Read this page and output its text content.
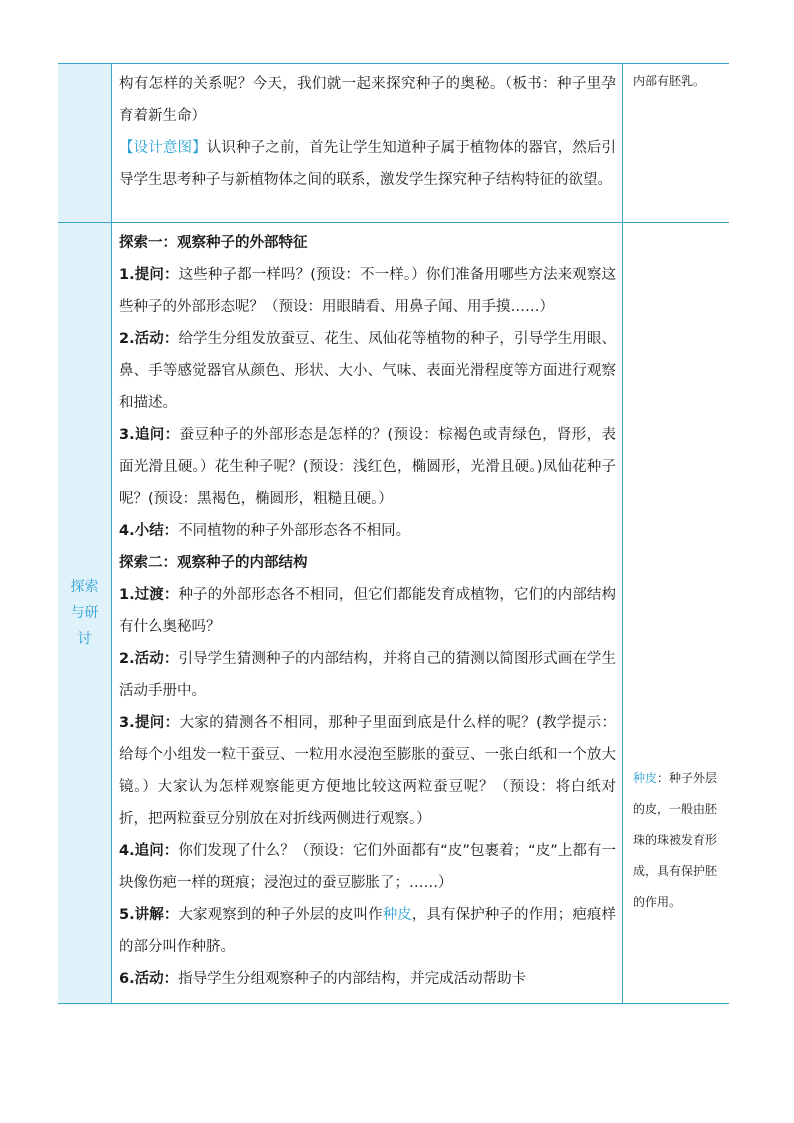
构有怎样的关系呢？今天，我们就一起来探究种子的奥秘。（板书：种子里孕育着新生命）

【设计意图】认识种子之前，首先让学生知道种子属于植物体的器官，然后引导学生思考种子与新植物体之间的联系，激发学生探究种子结构特征的欲望。

内部有胚乳。

探索
与研
讨

探索一：观察种子的外部特征

1.提问：这些种子都一样吗？(预设：不一样。）你们准备用哪些方法来观察这些种子的外部形态呢？（预设：用眼睛看、用鼻子闻、用手摸……）

2.活动：给学生分组发放蚕豆、花生、凤仙花等植物的种子，引导学生用眼、鼻、手等感觉器官从颜色、形状、大小、气味、表面光滑程度等方面进行观察和描述。

3.追问：蚕豆种子的外部形态是怎样的？(预设：棕褐色或青绿色，肾形，表面光滑且硬。）花生种子呢？(预设：浅红色，椭圆形，光滑且硬。)凤仙花种子呢？(预设：黑褐色，椭圆形，粗糙且硬。）

4.小结：不同植物的种子外部形态各不相同。

探索二：观察种子的内部结构

1.过渡：种子的外部形态各不相同，但它们都能发育成植物，它们的内部结构有什么奥秘吗？

2.活动：引导学生猜测种子的内部结构，并将自己的猜测以简图形式画在学生活动手册中。

3.提问：大家的猜测各不相同，那种子里面到底是什么样的呢？(教学提示：给每个小组发一粒干蚕豆、一粒用水浸泡至膨胀的蚕豆、一张白纸和一个放大镜。）大家认为怎样观察能更方便地比较这两粒蚕豆呢？（预设：将白纸对折，把两粒蚕豆分别放在对折线两侧进行观察。）

4.追问：你们发现了什么？（预设：它们外面都有“皮”包裹着；“皮”上都有一块像伤疤一样的斑痕；浸泡过的蚕豆膨胀了；……）

5.讲解：大家观察到的种子外层的皮叫作种皮，具有保护种子的作用；疤痕样的部分叫作种脐。

6.活动：指导学生分组观察种子的内部结构，并完成活动帮助卡

种皮：种子外层的皮，一般由胚珠的珠被发育形成，具有保护胚的作用。
